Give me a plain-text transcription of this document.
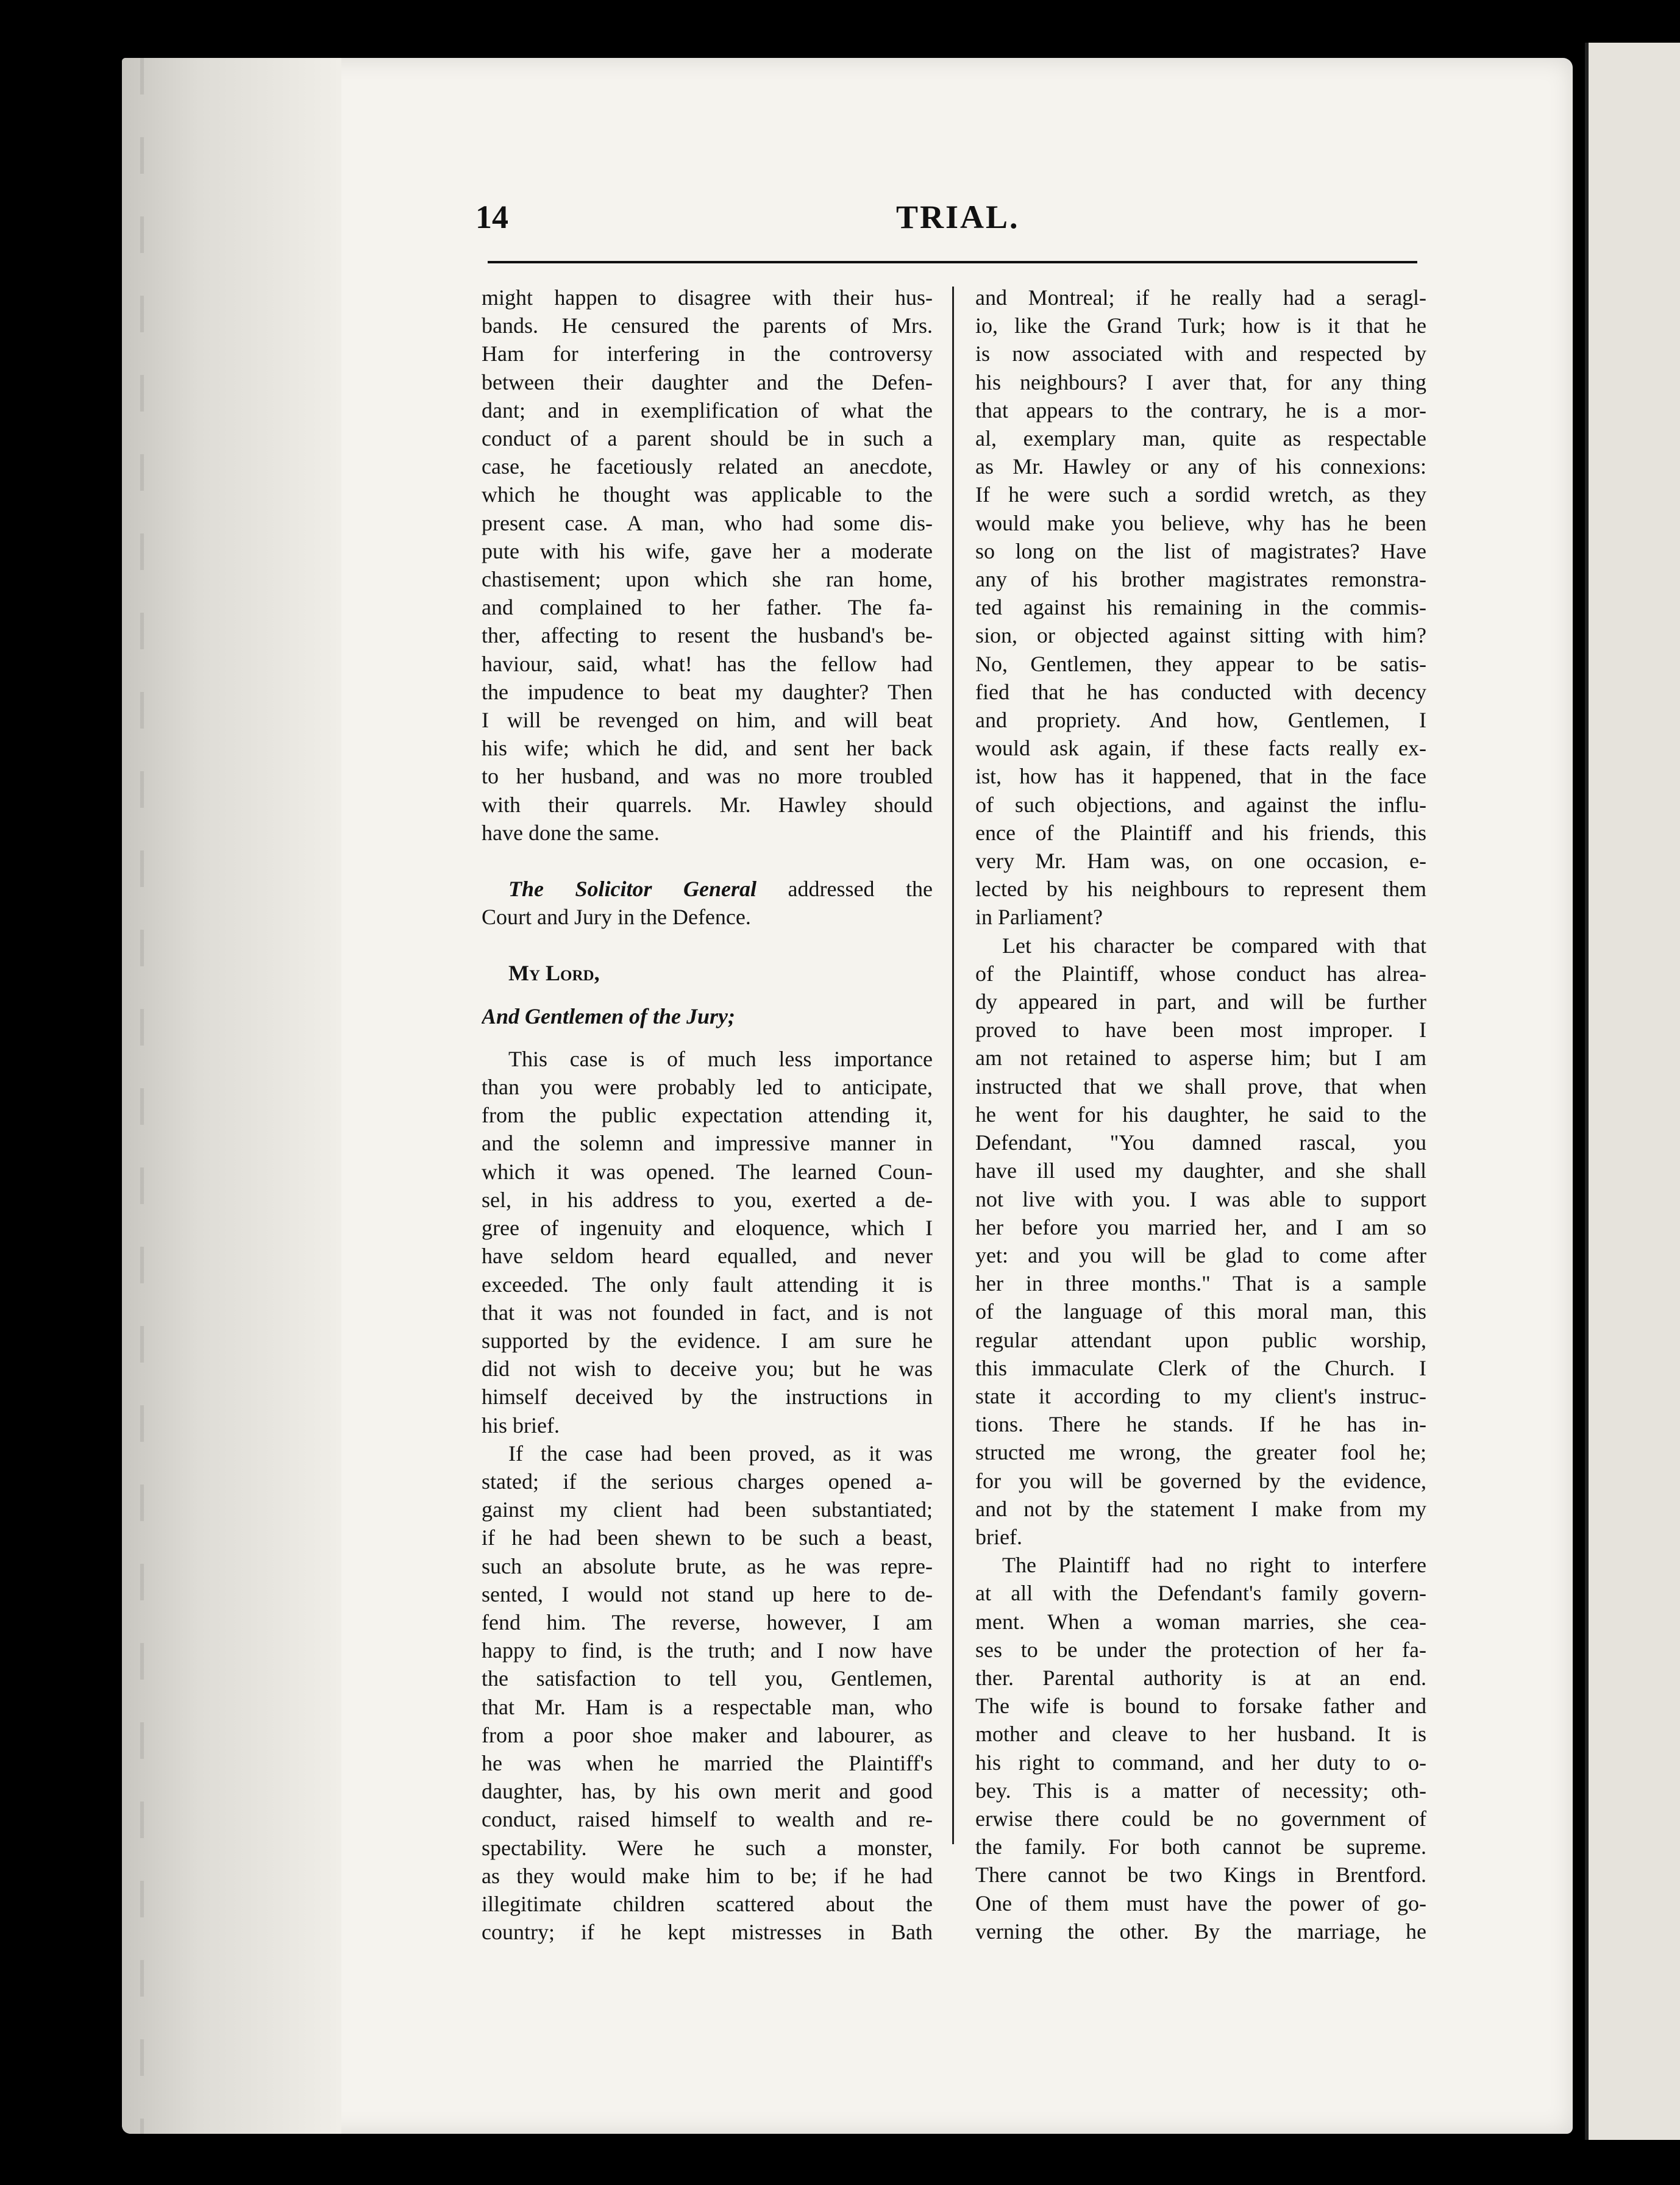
14	TRIAL.
might happen to disagree with their hus-
bands. He censured the parents of Mrs.
Ham for interfering in the controversy
between their daughter and the Defen-
dant; and in exemplification of what the
conduct of a parent should be in such a
case, he facetiously related an anecdote,
which he thought was applicable to the
present case. A man, who had some dis-
pute with his wife, gave her a moderate
chastisement; upon which she ran home,
and complained to her father. The fa-
ther, affecting to resent the husband's be-
haviour, said, what! has the fellow had
the impudence to beat my daughter? Then
I will be revenged on him, and will beat
his wife; which he did, and sent her back
to her husband, and was no more troubled
with their quarrels. Mr. Hawley should
have done the same.
The Solicitor General addressed the
Court and Jury in the Defence.
My Lord,
And Gentlemen of the Jury;
This case is of much less importance
than you were probably led to anticipate,
from the public expectation attending it,
and the solemn and impressive manner in
which it was opened. The learned Coun-
sel, in his address to you, exerted a de-
gree of ingenuity and eloquence, which I
have seldom heard equalled, and never
exceeded. The only fault attending it is
that it was not founded in fact, and is not
supported by the evidence. I am sure he
did not wish to deceive you; but he was
himself deceived by the instructions in
his brief.
If the case had been proved, as it was
stated; if the serious charges opened a-
gainst my client had been substantiated;
if he had been shewn to be such a beast,
such an absolute brute, as he was repre-
sented, I would not stand up here to de-
fend him. The reverse, however, I am
happy to find, is the truth; and I now have
the satisfaction to tell you, Gentlemen,
that Mr. Ham is a respectable man, who
from a poor shoe maker and labourer, as
he was when he married the Plaintiff's
daughter, has, by his own merit and good
conduct, raised himself to wealth and re-
spectability. Were he such a monster,
as they would make him to be; if he had
illegitimate children scattered about the
country; if he kept mistresses in Bath
and Montreal; if he really had a seragl-
io, like the Grand Turk; how is it that he
is now associated with and respected by
his neighbours? I aver that, for any thing
that appears to the contrary, he is a mor-
al, exemplary man, quite as respectable
as Mr. Hawley or any of his connexions:
If he were such a sordid wretch, as they
would make you believe, why has he been
so long on the list of magistrates? Have
any of his brother magistrates remonstra-
ted against his remaining in the commis-
sion, or objected against sitting with him?
No, Gentlemen, they appear to be satis-
fied that he has conducted with decency
and propriety. And how, Gentlemen, I
would ask again, if these facts really ex-
ist, how has it happened, that in the face
of such objections, and against the influ-
ence of the Plaintiff and his friends, this
very Mr. Ham was, on one occasion, e-
lected by his neighbours to represent them
in Parliament?
Let his character be compared with that
of the Plaintiff, whose conduct has alrea-
dy appeared in part, and will be further
proved to have been most improper. I
am not retained to asperse him; but I am
instructed that we shall prove, that when
he went for his daughter, he said to the
Defendant, "You damned rascal, you
have ill used my daughter, and she shall
not live with you. I was able to support
her before you married her, and I am so
yet: and you will be glad to come after
her in three months." That is a sample
of the language of this moral man, this
regular attendant upon public worship,
this immaculate Clerk of the Church. I
state it according to my client's instruc-
tions. There he stands. If he has in-
structed me wrong, the greater fool he;
for you will be governed by the evidence,
and not by the statement I make from my
brief.
The Plaintiff had no right to interfere
at all with the Defendant's family govern-
ment. When a woman marries, she cea-
ses to be under the protection of her fa-
ther. Parental authority is at an end.
The wife is bound to forsake father and
mother and cleave to her husband. It is
his right to command, and her duty to o-
bey. This is a matter of necessity; oth-
erwise there could be no government of
the family. For both cannot be supreme.
There cannot be two Kings in Brentford.
One of them must have the power of go-
verning the other. By the marriage, he
